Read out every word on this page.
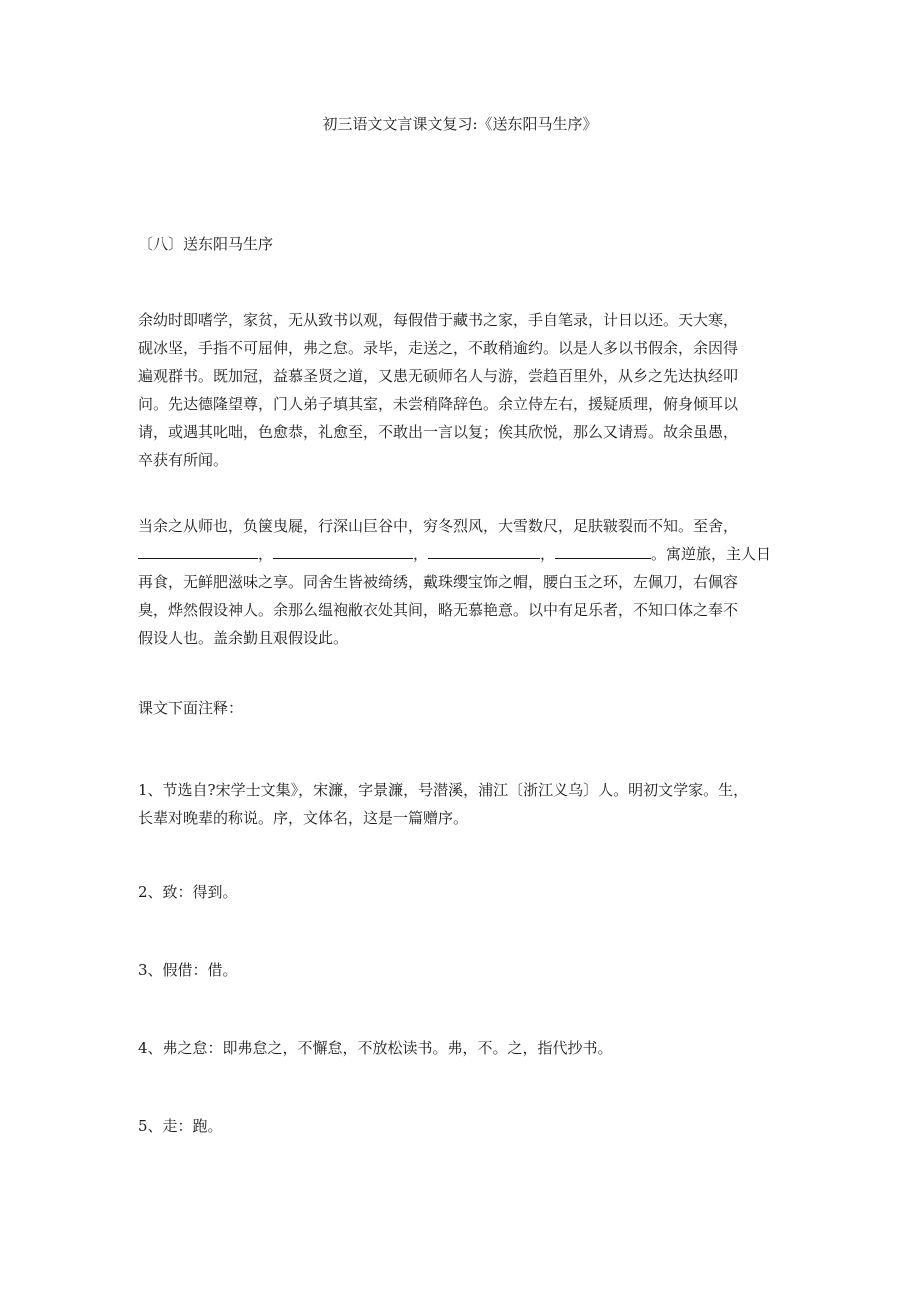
初三语文文言课文复习:《送东阳马生序》

〔八〕送东阳马生序

余幼时即嗜学，家贫，无从致书以观，每假借于藏书之家，手自笔录，计日以还。天大寒，
砚冰坚，手指不可屈伸，弗之怠。录毕，走送之，不敢稍逾约。以是人多以书假余，余因得
遍观群书。既加冠，益慕圣贤之道，又患无硕师名人与游，尝趋百里外，从乡之先达执经叩
问。先达德隆望尊，门人弟子填其室，未尝稍降辞色。余立侍左右，援疑质理，俯身倾耳以
请，或遇其叱咄，色愈恭，礼愈至，不敢出一言以复；俟其欣悦，那么又请焉。故余虽愚，
卒获有所闻。

当余之从师也，负箧曳屣，行深山巨谷中，穷冬烈风，大雪数尺，足肤皲裂而不知。至舍，
，	，	，	。寓逆旅，主人日
再食，无鲜肥滋味之享。同舍生皆被绮绣，戴珠缨宝饰之帽，腰白玉之环，左佩刀，右佩容
臭，烨然假设神人。余那么缊袍敝衣处其间，略无慕艳意。以中有足乐者，不知口体之奉不
假设人也。盖余勤且艰假设此。

课文下面注释：

1、节选自?宋学士文集》，宋濂，字景濂，号潜溪，浦江〔浙江义乌〕人。明初文学家。生，
长辈对晚辈的称说。序，文体名，这是一篇赠序。

2、致：得到。

3、假借：借。

4、弗之怠：即弗怠之，不懈怠，不放松读书。弗，不。之，指代抄书。

5、走：跑。
